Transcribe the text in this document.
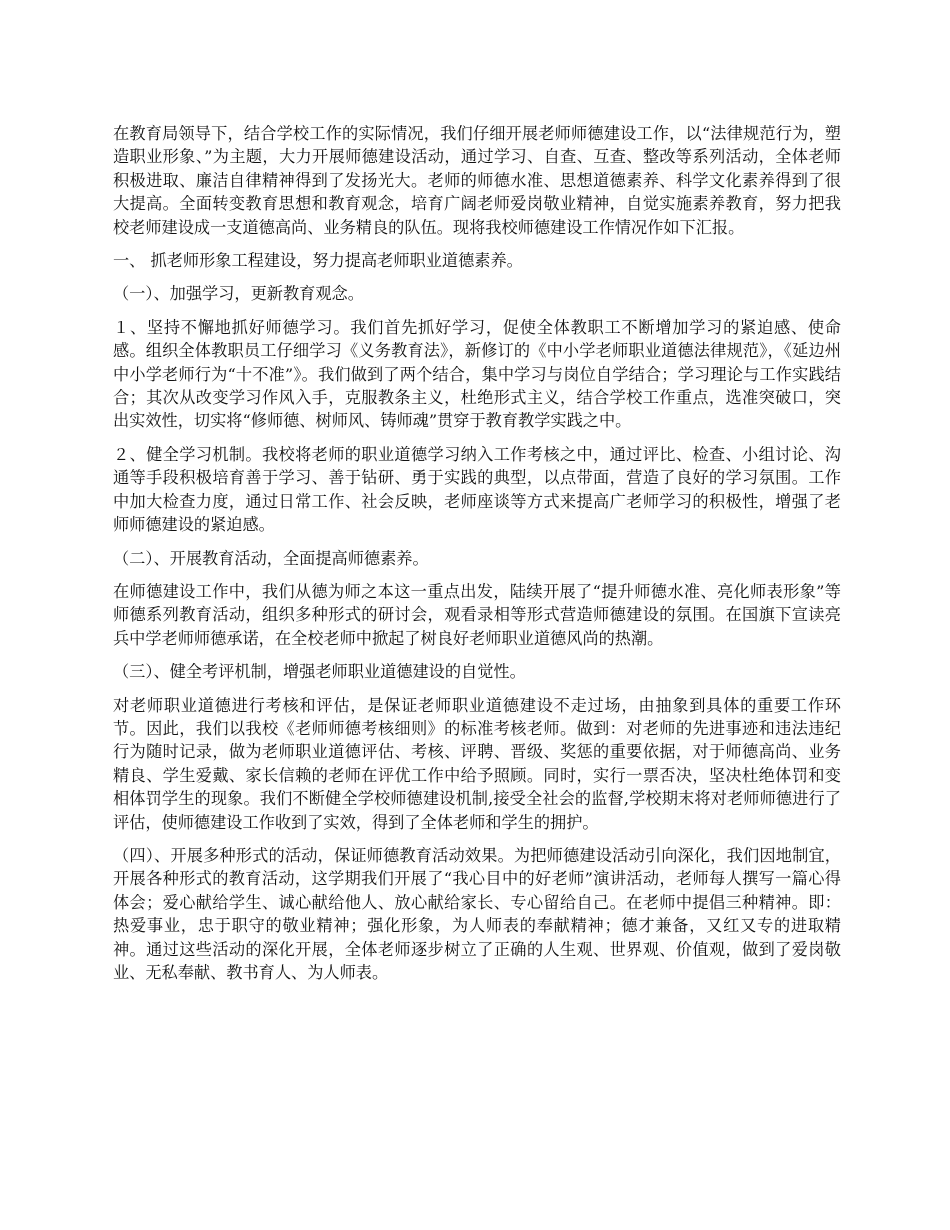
在教育局领导下，结合学校工作的实际情况，我们仔细开展老师师德建设工作，以“法律规范行为，塑造职业形象、”为主题，大力开展师德建设活动，通过学习、自查、互查、整改等系列活动，全体老师积极进取、廉洁自律精神得到了发扬光大。老师的师德水准、思想道德素养、科学文化素养得到了很大提高。全面转变教育思想和教育观念，培育广阔老师爱岗敬业精神，自觉实施素养教育，努力把我校老师建设成一支道德高尚、业务精良的队伍。现将我校师德建设工作情况作如下汇报。

一、 抓老师形象工程建设，努力提高老师职业道德素养。

（一）、加强学习，更新教育观念。

１、坚持不懈地抓好师德学习。我们首先抓好学习，促使全体教职工不断增加学习的紧迫感、使命感。组织全体教职员工仔细学习《义务教育法》，新修订的《中小学老师职业道德法律规范》，《延边州中小学老师行为“十不准”》。我们做到了两个结合，集中学习与岗位自学结合；学习理论与工作实践结合；其次从改变学习作风入手，克服教条主义，杜绝形式主义，结合学校工作重点，选准突破口，突出实效性，切实将“修师德、树师风、铸师魂”贯穿于教育教学实践之中。

２、健全学习机制。我校将老师的职业道德学习纳入工作考核之中，通过评比、检查、小组讨论、沟通等手段积极培育善于学习、善于钻研、勇于实践的典型，以点带面，营造了良好的学习氛围。工作中加大检查力度，通过日常工作、社会反映，老师座谈等方式来提高广老师学习的积极性，增强了老师师德建设的紧迫感。

（二）、开展教育活动，全面提高师德素养。

在师德建设工作中，我们从德为师之本这一重点出发，陆续开展了“提升师德水准、亮化师表形象”等师德系列教育活动，组织多种形式的研讨会，观看录相等形式营造师德建设的氛围。在国旗下宣读亮兵中学老师师德承诺，在全校老师中掀起了树良好老师职业道德风尚的热潮。

（三）、健全考评机制，增强老师职业道德建设的自觉性。

对老师职业道德进行考核和评估，是保证老师职业道德建设不走过场，由抽象到具体的重要工作环节。因此，我们以我校《老师师德考核细则》的标准考核老师。做到：对老师的先进事迹和违法违纪行为随时记录，做为老师职业道德评估、考核、评聘、晋级、奖惩的重要依据，对于师德高尚、业务精良、学生爱戴、家长信赖的老师在评优工作中给予照顾。同时，实行一票否决，坚决杜绝体罚和变相体罚学生的现象。我们不断健全学校师德建设机制,接受全社会的监督,学校期末将对老师师德进行了评估，使师德建设工作收到了实效，得到了全体老师和学生的拥护。

（四）、开展多种形式的活动，保证师德教育活动效果。为把师德建设活动引向深化，我们因地制宜，开展各种形式的教育活动，这学期我们开展了“我心目中的好老师”演讲活动，老师每人撰写一篇心得体会；爱心献给学生、诚心献给他人、放心献给家长、专心留给自己。在老师中提倡三种精神。即：热爱事业，忠于职守的敬业精神；强化形象，为人师表的奉献精神；德才兼备，又红又专的进取精神。通过这些活动的深化开展，全体老师逐步树立了正确的人生观、世界观、价值观，做到了爱岗敬业、无私奉献、教书育人、为人师表。
